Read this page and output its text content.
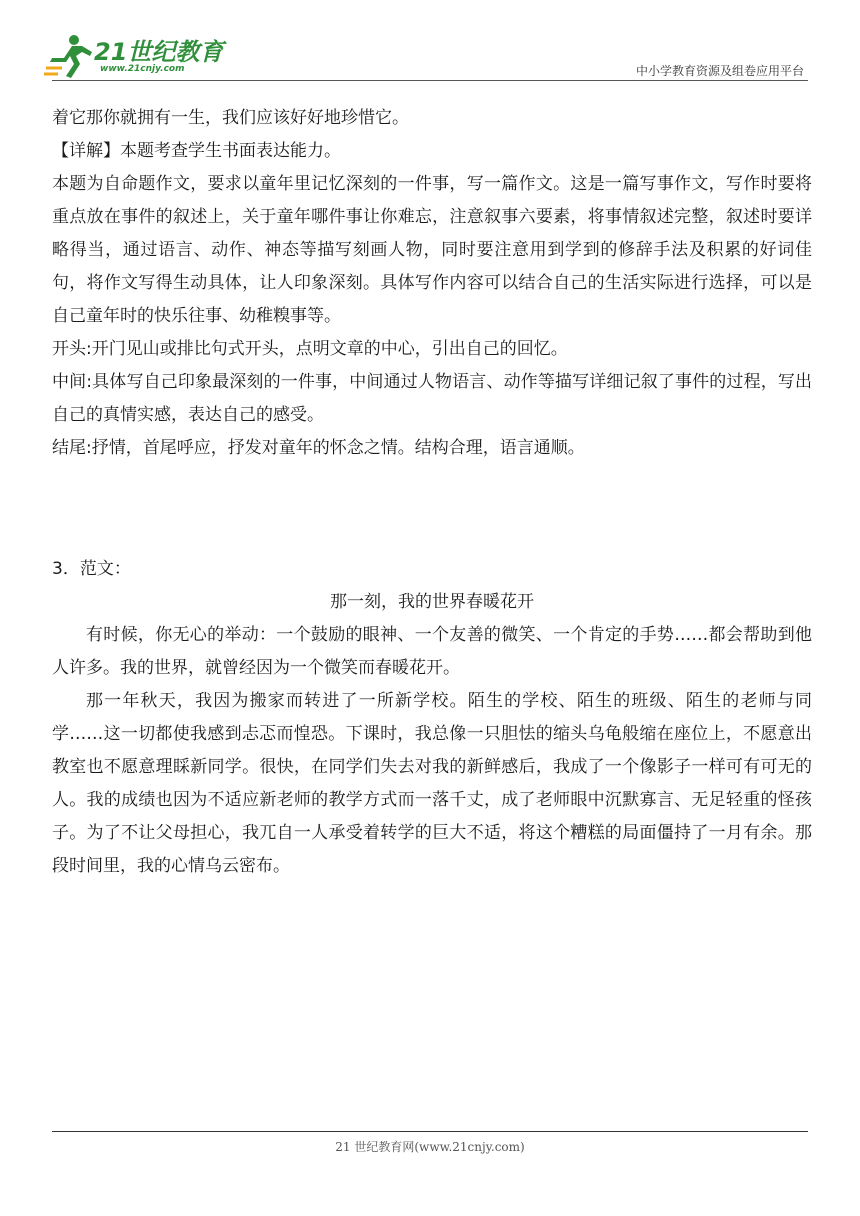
21世纪教育
www.21cnjy.com	中小学教育资源及组卷应用平台

着它那你就拥有一生，我们应该好好地珍惜它。

【详解】本题考查学生书面表达能力。

本题为自命题作文，要求以童年里记忆深刻的一件事，写一篇作文。这是一篇写事作文，写作时要将重点放在事件的叙述上，关于童年哪件事让你难忘，注意叙事六要素，将事情叙述完整，叙述时要详略得当，通过语言、动作、神态等描写刻画人物，同时要注意用到学到的修辞手法及积累的好词佳句，将作文写得生动具体，让人印象深刻。具体写作内容可以结合自己的生活实际进行选择，可以是自己童年时的快乐往事、幼稚糗事等。

开头:开门见山或排比句式开头，点明文章的中心，引出自己的回忆。

中间:具体写自己印象最深刻的一件事，中间通过人物语言、动作等描写详细记叙了事件的过程，写出自己的真情实感，表达自己的感受。

结尾:抒情，首尾呼应，抒发对童年的怀念之情。结构合理，语言通顺。

3．范文：

那一刻，我的世界春暖花开

有时候，你无心的举动：一个鼓励的眼神、一个友善的微笑、一个肯定的手势……都会帮助到他人许多。我的世界，就曾经因为一个微笑而春暖花开。

那一年秋天，我因为搬家而转进了一所新学校。陌生的学校、陌生的班级、陌生的老师与同学……这一切都使我感到忐忑而惶恐。下课时，我总像一只胆怯的缩头乌龟般缩在座位上，不愿意出教室也不愿意理睬新同学。很快，在同学们失去对我的新鲜感后，我成了一个像影子一样可有可无的人。我的成绩也因为不适应新老师的教学方式而一落千丈，成了老师眼中沉默寡言、无足轻重的怪孩子。为了不让父母担心，我兀自一人承受着转学的巨大不适，将这个糟糕的局面僵持了一月有余。那段时间里，我的心情乌云密布。

21 世纪教育网(www.21cnjy.com)
